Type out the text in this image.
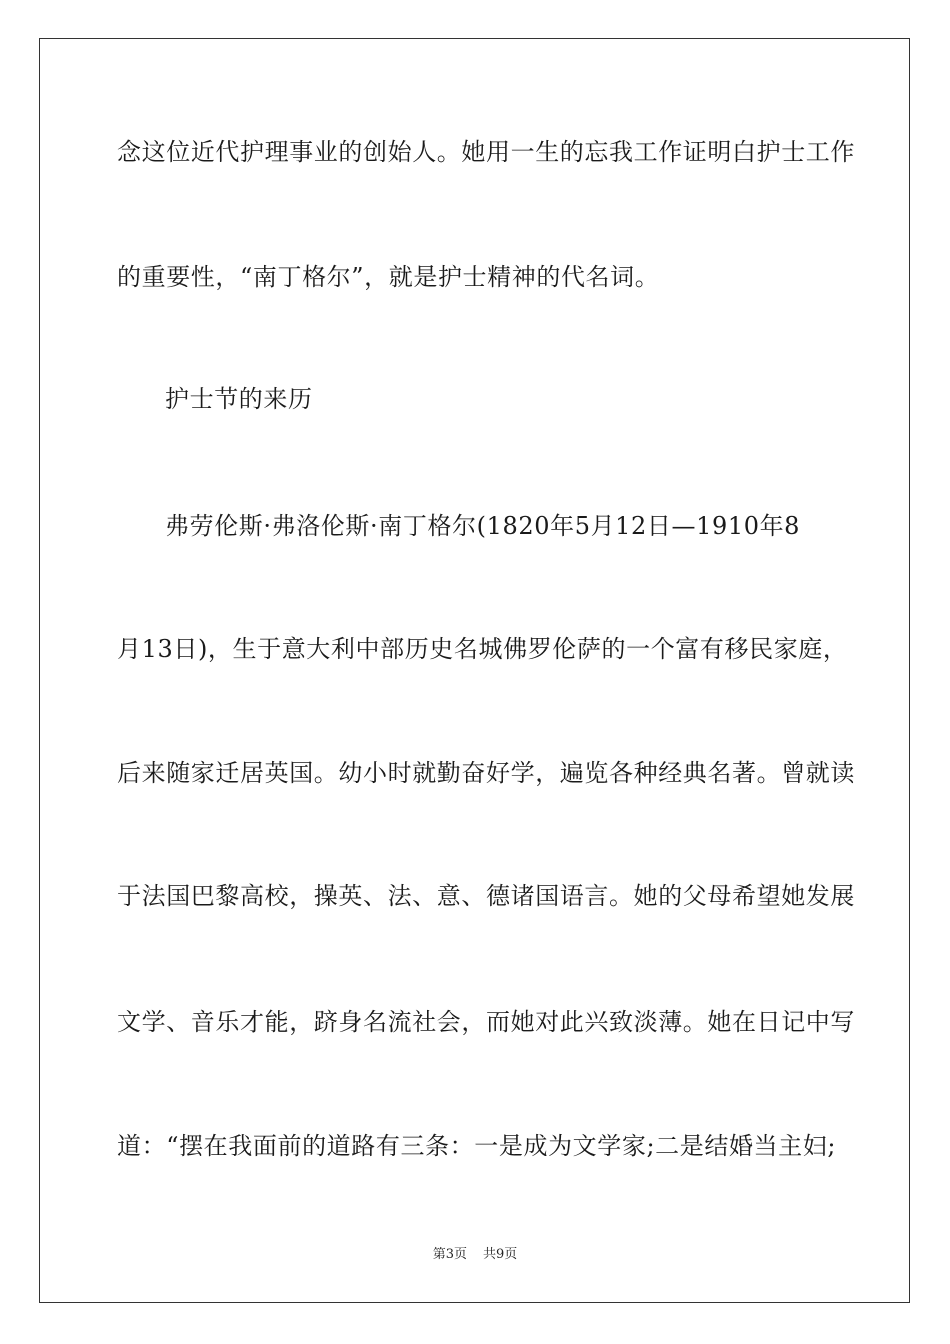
念这位近代护理事业的创始人。她用一生的忘我工作证明白护士工作
的重要性，“南丁格尔”，就是护士精神的代名词。
护士节的来历
弗劳伦斯·弗洛伦斯·南丁格尔(1820年5月12日—1910年8
月13日)，生于意大利中部历史名城佛罗伦萨的一个富有移民家庭，
后来随家迁居英国。幼小时就勤奋好学，遍览各种经典名著。曾就读
于法国巴黎高校，操英、法、意、德诸国语言。她的父母希望她发展
文学、音乐才能，跻身名流社会，而她对此兴致淡薄。她在日记中写
道：“摆在我面前的道路有三条：一是成为文学家;二是结婚当主妇;
第3页 共9页
